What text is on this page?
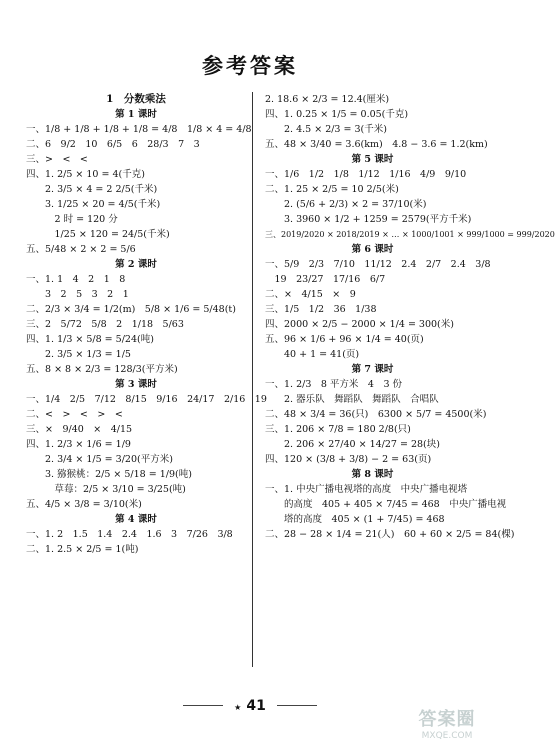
参考答案
1　分数乘法
第 1 课时
一、1/8 + 1/8 + 1/8 + 1/8 = 4/8　1/8 × 4 = 4/8
二、6　9/2　10　6/5　6　28/3　7　3
三、>　<　<
四、1. 2/5 × 10 = 4(千克)
　　2. 3/5 × 4 = 2 2/5(千米)
　　3. 1/25 × 20 = 4/5(千米)
　　　2 时 = 120 分
　　　1/25 × 120 = 24/5(千米)
五、5/48 × 2 × 2 = 5/6
第 2 课时
一、1. 1　4　2　1　8
　　3　2　5　3　2　1
二、2/3 × 3/4 = 1/2(m)　5/8 × 1/6 = 5/48(t)
三、2　5/72　5/8　2　1/18　5/63
四、1. 1/3 × 5/8 = 5/24(吨)
　　2. 3/5 × 1/3 = 1/5
五、8 × 8 × 2/3 = 128/3(平方米)
第 3 课时
一、1/4　2/5　7/12　8/15　9/16　24/17　2/16　19
二、<　>　<　>　<
三、×　9/40　×　4/15
四、1. 2/3 × 1/6 = 1/9
　　2. 3/4 × 1/5 = 3/20(平方米)
　　3. 猕猴桃：2/5 × 5/18 = 1/9(吨)
　　　草莓：2/5 × 3/10 = 3/25(吨)
五、4/5 × 3/8 = 3/10(米)
第 4 课时
一、1. 2　1.5　1.4　2.4　1.6　3　7/26　3/8
二、1. 2.5 × 2/5 = 1(吨)
2. 18.6 × 2/3 = 12.4(厘米)
四、1. 0.25 × 1/5 = 0.05(千克)
　　2. 4.5 × 2/3 = 3(千米)
五、48 × 3/40 = 3.6(km)　4.8 − 3.6 = 1.2(km)
第 5 课时
一、1/6　1/2　1/8　1/12　1/16　4/9　9/10
二、1. 25 × 2/5 = 10 2/5(米)
　　2. (5/6 + 2/3) × 2 = 37/10(米)
　　3. 3960 × 1/2 + 1259 = 2579(平方千米)
三、2019/2020 × 2018/2019 × … × 1000/1001 × 999/1000 = 999/2020
第 6 课时
一、5/9　2/3　7/10　11/12　2.4　2/7　2.4　3/8
　19　23/27　17/16　6/7
二、×　4/15　×　9
三、1/5　1/2　36　1/38
四、2000 × 2/5 − 2000 × 1/4 = 300(米)
五、96 × 1/6 + 96 × 1/4 = 40(页)
　　40 + 1 = 41(页)
第 7 课时
一、1. 2/3　8 平方米　4　3 份
　　2. 器乐队　舞蹈队　舞蹈队　合唱队
二、48 × 3/4 = 36(只)　6300 × 5/7 = 4500(米)
三、1. 206 × 7/8 = 180 2/8(只)
　　2. 206 × 27/40 × 14/27 = 28(块)
四、120 × (3/8 + 3/8) − 2 = 63(页)
第 8 课时
一、1. 中央广播电视塔的高度　中央广播电视塔
　　的高度　405 + 405 × 7/45 = 468　中央广播电视
　　塔的高度　405 × (1 + 7/45) = 468
二、28 − 28 × 1/4 = 21(人)　60 + 60 × 2/5 = 84(棵)
★ 41
答案圈
MXQE.COM
